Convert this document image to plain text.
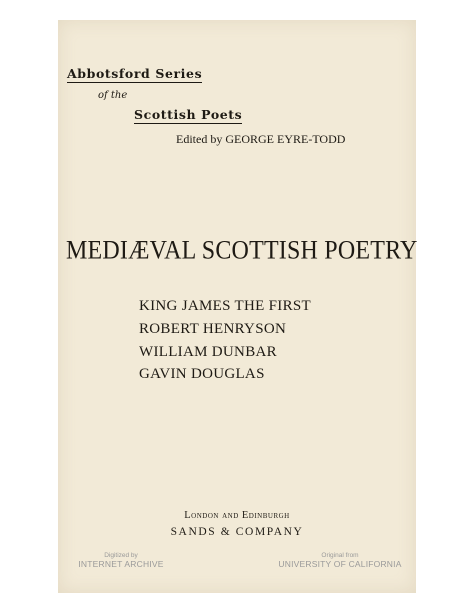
Abbotsford Series
of the
Scottish Poets
Edited by GEORGE EYRE-TODD
MEDIÆVAL SCOTTISH POETRY
KING JAMES THE FIRST
ROBERT HENRYSON
WILLIAM DUNBAR
GAVIN DOUGLAS
London and Edinburgh
SANDS & COMPANY
Digitized by
INTERNET ARCHIVE
Original from
UNIVERSITY OF CALIFORNIA
